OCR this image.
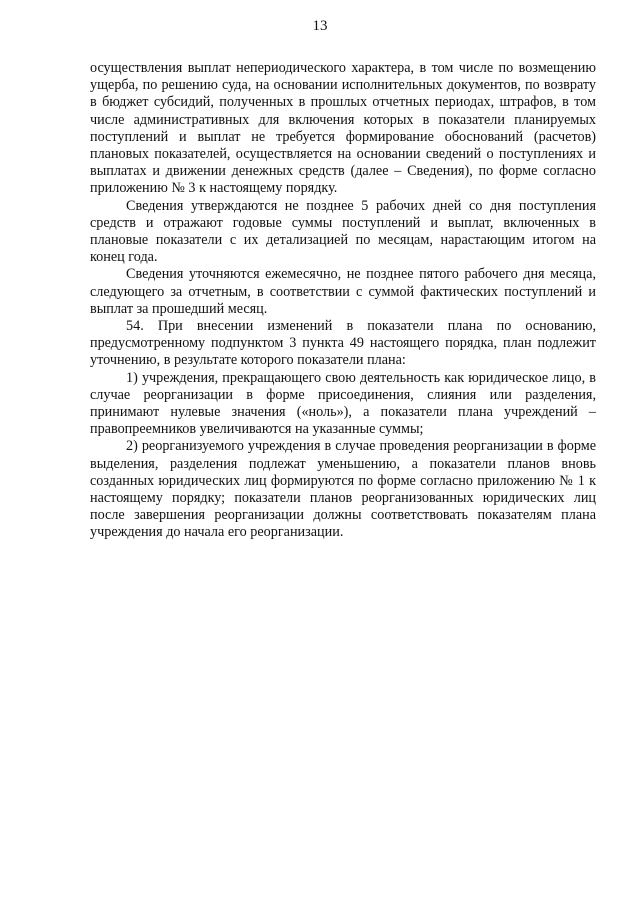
13

осуществления выплат непериодического характера, в том числе по возмещению ущерба, по решению суда, на основании исполнительных документов, по возврату в бюджет субсидий, полученных в прошлых отчетных периодах, штрафов, в том числе административных для включения которых в показатели планируемых поступлений и выплат не требуется формирование обоснований (расчетов) плановых показателей, осуществляется на основании сведений о поступлениях и выплатах и движении денежных средств (далее – Сведения), по форме согласно приложению № 3 к настоящему порядку.

Сведения утверждаются не позднее 5 рабочих дней со дня поступления средств и отражают годовые суммы поступлений и выплат, включенных в плановые показатели с их детализацией по месяцам, нарастающим итогом на конец года.

Сведения уточняются ежемесячно, не позднее пятого рабочего дня месяца, следующего за отчетным, в соответствии с суммой фактических поступлений и выплат за прошедший месяц.

54. При внесении изменений в показатели плана по основанию, предусмотренному подпунктом 3 пункта 49 настоящего порядка, план подлежит уточнению, в результате которого показатели плана:

1) учреждения, прекращающего свою деятельность как юридическое лицо, в случае реорганизации в форме присоединения, слияния или разделения, принимают нулевые значения («ноль»), а показатели плана учреждений – правопреемников увеличиваются на указанные суммы;

2) реорганизуемого учреждения в случае проведения реорганизации в форме выделения, разделения подлежат уменьшению, а показатели планов вновь созданных юридических лиц формируются по форме согласно приложению № 1 к настоящему порядку; показатели планов реорганизованных юридических лиц после завершения реорганизации должны соответствовать показателям плана учреждения до начала его реорганизации.
